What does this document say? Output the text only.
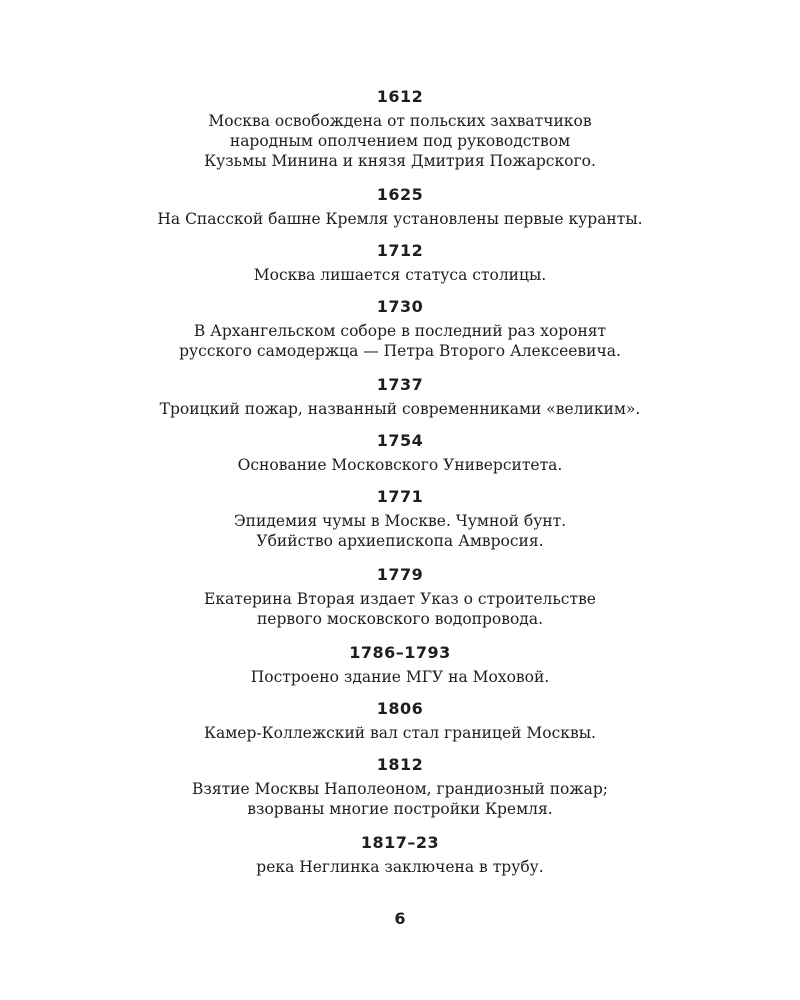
1612
Москва освобождена от польских захватчиков
народным ополчением под руководством
Кузьмы Минина и князя Дмитрия Пожарского.
1625
На Спасской башне Кремля установлены первые куранты.
1712
Москва лишается статуса столицы.
1730
В Архангельском соборе в последний раз хоронят
русского самодержца — Петра Второго Алексеевича.
1737
Троицкий пожар, названный современниками «великим».
1754
Основание Московского Университета.
1771
Эпидемия чумы в Москве. Чумной бунт.
Убийство архиепископа Амвросия.
1779
Екатерина Вторая издает Указ о строительстве
первого московского водопровода.
1786–1793
Построено здание МГУ на Моховой.
1806
Камер-Коллежский вал стал границей Москвы.
1812
Взятие Москвы Наполеоном, грандиозный пожар;
взорваны многие постройки Кремля.
1817–23
река Неглинка заключена в трубу.
6
